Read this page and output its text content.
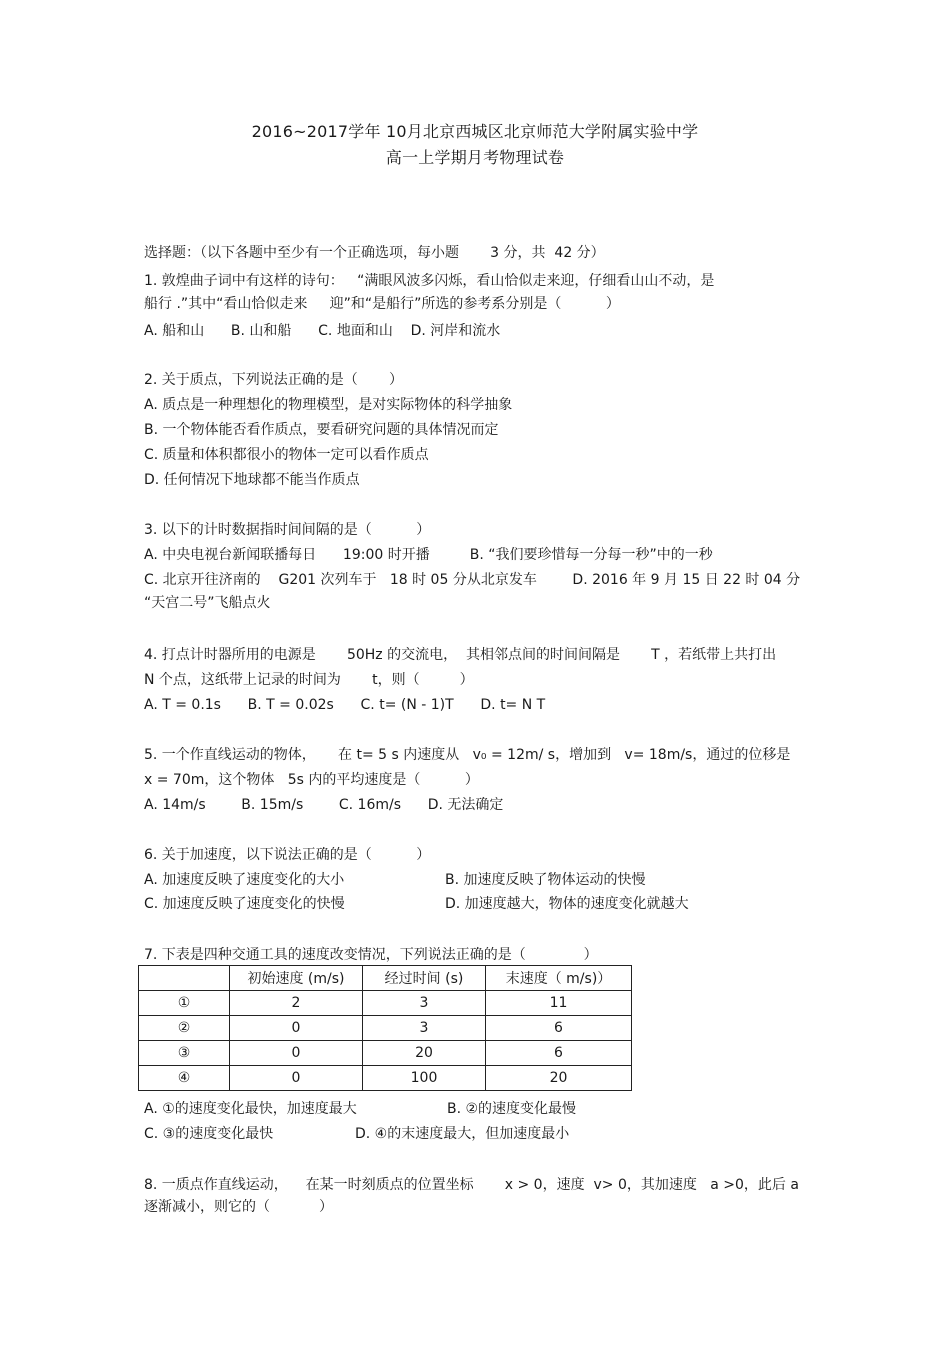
2016~2017学年 10月北京西城区北京师范大学附属实验中学
高一上学期月考物理试卷
选择题：（以下各题中至少有一个正确选项，每小题       3 分，共  42 分）
1. 敦煌曲子词中有这样的诗句：   “满眼风波多闪烁，看山恰似走来迎，仔细看山山不动，是
船行 .”其中“看山恰似走来     迎”和“是船行”所选的参考系分别是（          ）
A. 船和山      B. 山和船      C. 地面和山    D. 河岸和流水
2. 关于质点，下列说法正确的是（       ）
A. 质点是一种理想化的物理模型，是对实际物体的科学抽象
B. 一个物体能否看作质点，要看研究问题的具体情况而定
C. 质量和体积都很小的物体一定可以看作质点
D. 任何情况下地球都不能当作质点
3. 以下的计时数据指时间间隔的是（          ）
A. 中央电视台新闻联播每日      19:00 时开播         B. “我们要珍惜每一分每一秒”中的一秒
C. 北京开往济南的    G201 次列车于   18 时 05 分从北京发车        D. 2016 年 9 月 15 日 22 时 04 分
“天宫二号”飞船点火
4. 打点计时器所用的电源是       50Hz 的交流电，  其相邻点间的时间间隔是       T ，若纸带上共打出
N 个点，这纸带上记录的时间为       t，则（         ）
A. T = 0.1s      B. T = 0.02s      C. t= (N - 1)T      D. t= N T
5. 一个作直线运动的物体，     在 t= 5 s 内速度从   v₀ = 12m/ s，增加到   v= 18m/s，通过的位移是
x = 70m，这个物体   5s 内的平均速度是（          ）
A. 14m/s        B. 15m/s        C. 16m/s      D. 无法确定
6. 关于加速度，以下说法正确的是（          ）
A. 加速度反映了速度变化的大小	B. 加速度反映了物体运动的快慢
C. 加速度反映了速度变化的快慢	D. 加速度越大，物体的速度变化就越大
7. 下表是四种交通工具的速度改变情况，下列说法正确的是（             ）
	初始速度 (m/s)	经过时间 (s)	末速度（ m/s)）
①	2	3	11
②	0	3	6
③	0	20	6
④	0	100	20
A. ①的速度变化最快，加速度最大	B. ②的速度变化最慢
C. ③的速度变化最快	D. ④的末速度最大，但加速度最小
8. 一质点作直线运动，    在某一时刻质点的位置坐标       x > 0，速度  v> 0，其加速度   a >0，此后 a
逐渐减小，则它的（           ）
